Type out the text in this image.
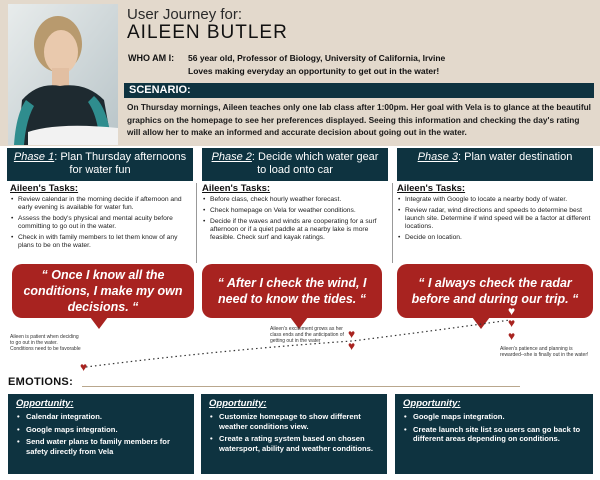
User Journey for:
AILEEN BUTLER
WHO AM I: 56 year old, Professor of Biology, University of California, Irvine
Loves making everyday an opportunity to get out in the water!
SCENARIO:
On Thursday mornings, Aileen teaches only one lab class after 1:00pm. Her goal with Vela is to glance at the beautiful graphics on the homepage to see her preferences displayed. Seeing this information and checking the day's rating will allow her to make an informed and accurate decision about going out in the water.
Phase 1: Plan Thursday afternoons for water fun
Phase 2: Decide which water gear to load onto car
Phase 3: Plan water destination
Aileen's Tasks:
• Review calendar in the morning decide if afternoon and early evening is available for water fun.
• Assess the body's physical and mental acuity before committing to go out in the water.
• Check in with family members to let them know of any plans to be on the water.
Aileen's Tasks:
• Before class, check hourly weather forecast.
• Check homepage on Vela for weather conditions.
• Decide if the waves and winds are cooperating for a surf afternoon or if a quiet paddle at a nearby lake is more feasible. Check surf and kayak ratings.
Aileen's Tasks:
• Integrate with Google to locate a nearby body of water.
• Review radar, wind directions and speeds to determine best launch site. Determine if wind speed will be a factor at different locations.
• Decide on location.
“ Once I know all the conditions, I make my own decisions. “
“ After I check the wind, I need to know the tides. “
“ I always check the radar before and during our trip. “
♥
♥
♥
♥
♥
♥
Aileen is patient when deciding to go out in the water. Conditions need to be favorable
Aileen's excitement grows as her class ends and the anticipation of getting out in the water
Aileen's patience and planning is rewarded--she is finally out in the water!
EMOTIONS:
Opportunity:
• Calendar integration.
• Google maps integration.
• Send water plans to family members for safety directly from Vela
Opportunity:
• Customize homepage to show different weather conditions view.
• Create a rating system based on chosen watersport, ability and weather conditions.
Opportunity:
• Google maps integration.
• Create launch site list so users can go back to different areas depending on conditions.
